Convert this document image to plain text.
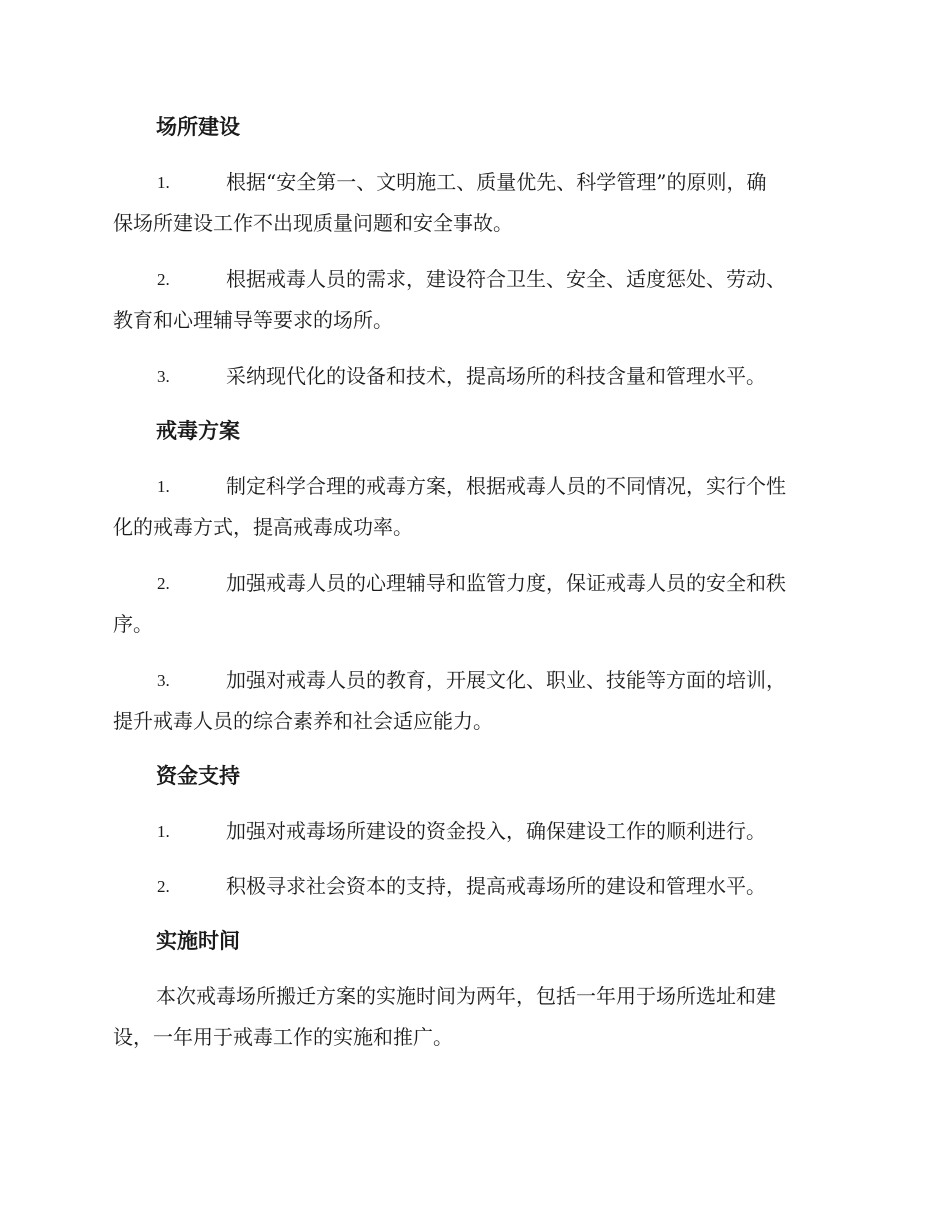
场所建设
1.	根据“安全第一、文明施工、质量优先、科学管理”的原则，确
保场所建设工作不出现质量问题和安全事故。
2.	根据戒毒人员的需求，建设符合卫生、安全、适度惩处、劳动、
教育和心理辅导等要求的场所。
3.	采纳现代化的设备和技术，提高场所的科技含量和管理水平。
戒毒方案
1.	制定科学合理的戒毒方案，根据戒毒人员的不同情况，实行个性
化的戒毒方式，提高戒毒成功率。
2.	加强戒毒人员的心理辅导和监管力度，保证戒毒人员的安全和秩
序。
3.	加强对戒毒人员的教育，开展文化、职业、技能等方面的培训，
提升戒毒人员的综合素养和社会适应能力。
资金支持
1.	加强对戒毒场所建设的资金投入，确保建设工作的顺利进行。
2.	积极寻求社会资本的支持，提高戒毒场所的建设和管理水平。
实施时间
本次戒毒场所搬迁方案的实施时间为两年，包括一年用于场所选址和建
设，一年用于戒毒工作的实施和推广。
